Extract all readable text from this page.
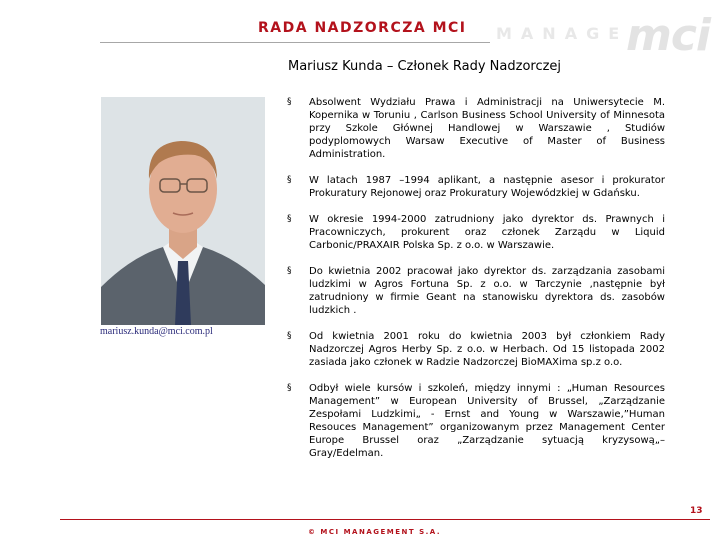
RADA NADZORCZA MCI MANAGE
mci
Mariusz Kunda – Członek Rady Nadzorczej
mariusz.kunda@mci.com.pl
§ Absolwent Wydziału Prawa i Administracji na Uniwersytecie M. Kopernika w Toruniu , Carlson Business School University of Minnesota przy Szkole Głównej Handlowej w Warszawie , Studiów podyplomowych Warsaw Executive of Master of Business Administration.
§ W latach 1987 –1994 aplikant, a następnie asesor i prokurator Prokuratury Rejonowej oraz Prokuratury Wojewódzkiej w Gdańsku.
§ W okresie 1994-2000 zatrudniony jako dyrektor ds. Prawnych i Pracowniczych, prokurent oraz członek Zarządu w Liquid Carbonic/PRAXAIR Polska Sp. z o.o. w Warszawie.
§ Do kwietnia 2002 pracował jako dyrektor ds. zarządzania zasobami ludzkimi w Agros Fortuna Sp. z o.o. w Tarczynie ,następnie był zatrudniony w firmie Geant na stanowisku dyrektora ds. zasobów ludzkich .
§ Od kwietnia 2001 roku do kwietnia 2003 był członkiem Rady Nadzorczej Agros Herby Sp. z o.o. w Herbach. Od 15 listopada 2002 zasiada jako członek w Radzie Nadzorczej BioMAXima sp.z o.o.
§ Odbył wiele kursów i szkoleń, między innymi : „Human Resources Management” w European University of Brussel, „Zarządzanie Zespołami Ludzkimi„ - Ernst and Young w Warszawie,”Human Resouces Management” organizowanym przez Management Center Europe Brussel oraz „Zarządzanie sytuacją kryzysową„– Gray/Edelman.
13
© MCI MANAGEMENT S.A.
